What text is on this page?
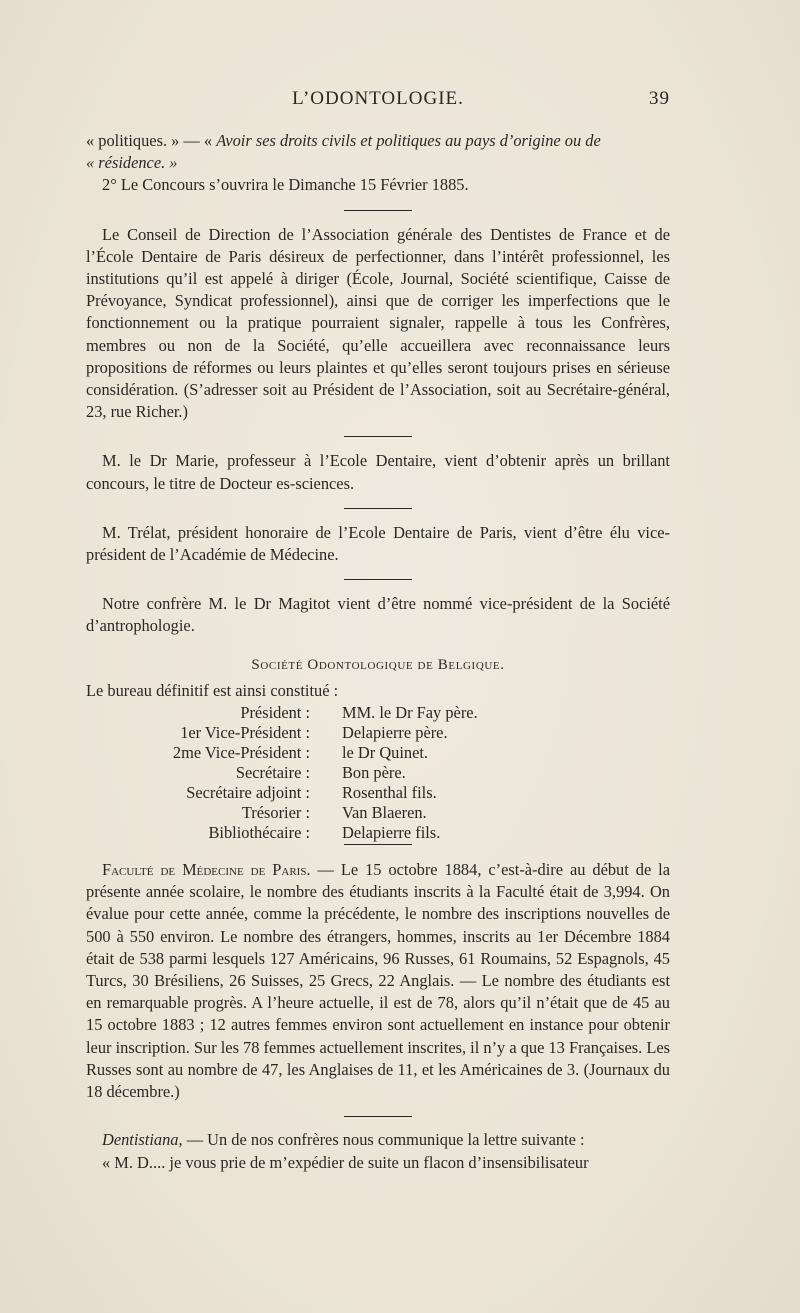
L’ODONTOLOGIE.	39

« politiques. » — « Avoir ses droits civils et politiques au pays d’origine ou de

« résidence. »

2° Le Concours s’ouvrira le Dimanche 15 Février 1885.

Le Conseil de Direction de l’Association générale des Dentistes de France et de l’École Dentaire de Paris désireux de perfectionner, dans l’intérêt professionnel, les institutions qu’il est appelé à diriger (École, Journal, Société scientifique, Caisse de Prévoyance, Syndicat professionnel), ainsi que de corriger les imperfections que le fonctionnement ou la pratique pourraient signaler, rappelle à tous les Confrères, membres ou non de la Société, qu’elle accueillera avec reconnaissance leurs propositions de réformes ou leurs plaintes et qu’elles seront toujours prises en sérieuse considération. (S’adresser soit au Président de l’Association, soit au Secrétaire-général, 23, rue Richer.)

M. le Dr Marie, professeur à l’Ecole Dentaire, vient d’obtenir après un brillant concours, le titre de Docteur es-sciences.

M. Trélat, président honoraire de l’Ecole Dentaire de Paris, vient d’être élu vice-président de l’Académie de Médecine.

Notre confrère M. le Dr Magitot vient d’être nommé vice-président de la Société d’antrophologie.

Société Odontologique de Belgique.

Le bureau définitif est ainsi constitué :

Président : MM. le Dr Fay père.
1er Vice-Président : Delapierre père.
2me Vice-Président : le Dr Quinet.
Secrétaire : Bon père.
Secrétaire adjoint : Rosenthal fils.
Trésorier : Van Blaeren.
Bibliothécaire : Delapierre fils.

Faculté de Médecine de Paris. — Le 15 octobre 1884, c’est-à-dire au début de la présente année scolaire, le nombre des étudiants inscrits à la Faculté était de 3,994. On évalue pour cette année, comme la précédente, le nombre des inscriptions nouvelles de 500 à 550 environ. Le nombre des étrangers, hommes, inscrits au 1er Décembre 1884 était de 538 parmi lesquels 127 Américains, 96 Russes, 61 Roumains, 52 Espagnols, 45 Turcs, 30 Brésiliens, 26 Suisses, 25 Grecs, 22 Anglais. — Le nombre des étudiants est en remarquable progrès. A l’heure actuelle, il est de 78, alors qu’il n’était que de 45 au 15 octobre 1883 ; 12 autres femmes environ sont actuellement en instance pour obtenir leur inscription. Sur les 78 femmes actuellement inscrites, il n’y a que 13 Françaises. Les Russes sont au nombre de 47, les Anglaises de 11, et les Américaines de 3. (Journaux du 18 décembre.)

Dentistiana, — Un de nos confrères nous communique la lettre suivante :

« M. D.... je vous prie de m’expédier de suite un flacon d’insensibilisateur
